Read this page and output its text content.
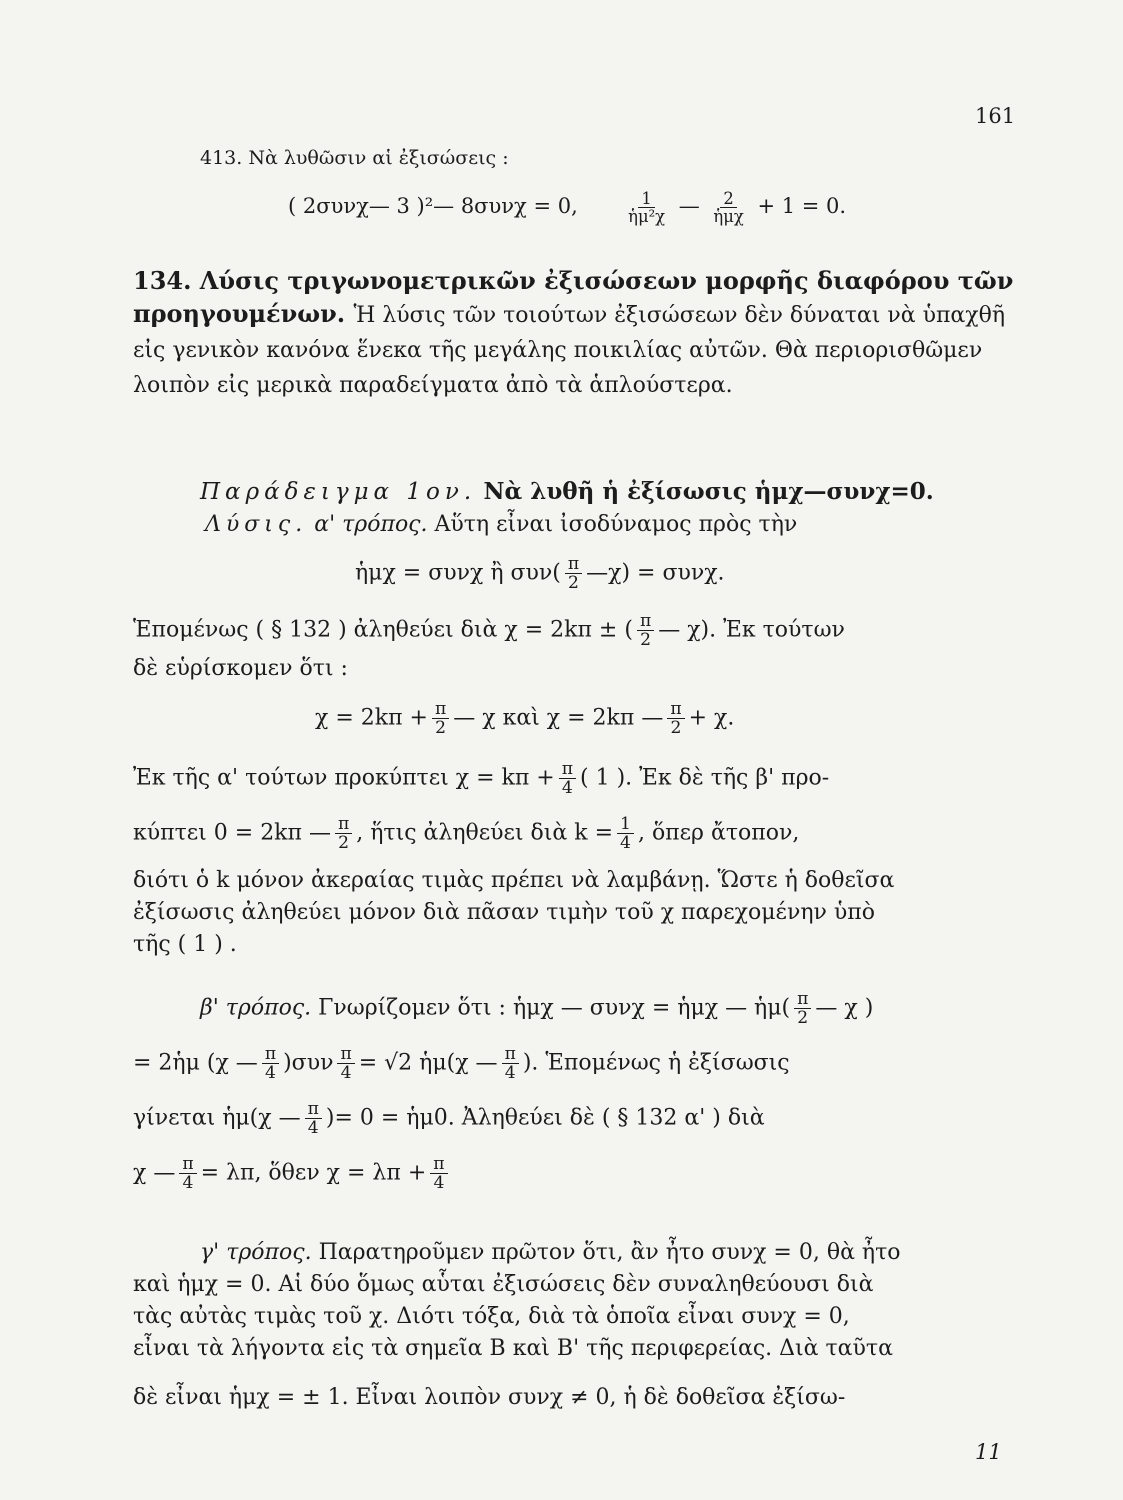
161
413. Νὰ λυθῶσιν αἱ ἐξισώσεις :
( 2συνχ— 3 )²— 8συνχ = 0,	$\frac{1}{\text{ἡμ²χ}}$ — $\frac{2}{\text{ἡμχ}} + 1 = 0$.
134. Λύσις τριγωνομετρικῶν ἐξισώσεων μορφῆς διαφόρου τῶν προηγουμένων. Ἡ λύσις τῶν τοιούτων ἐξισώσεων δὲν δύναται νὰ ὑπαχθῆ εἰς γενικὸν κανόνα ἕνεκα τῆς μεγάλης ποικιλίας αὐτῶν. Θὰ περιορισθῶμεν λοιπὸν εἰς μερικὰ παραδείγματα ἀπὸ τὰ ἁπλούστερα.
Παράδειγμα 1ον. Νὰ λυθῆ ἡ ἐξίσωσις ἡμχ—συνχ=0.
Λύσις. α' τρόπος. Αὕτη εἶναι ἰσοδύναμος πρὸς τὴν
ἡμχ = συνχ ἢ $\sigma\upsilon\nu( \frac{\pi}{2}$ —χ) = συνχ.
Ἑπομένως ( § 132 ) ἀληθεύει διὰ χ = 2kπ ± ( $\frac{\pi}{2}$ — χ). Ἐκ τούτων
δὲ εὑρίσκομεν ὅτι :
$\chi = 2k\pi + \frac{\pi}{2}$ — χ καὶ χ = 2kπ — $\frac{\pi}{2} + \chi$.
Ἐκ τῆς α' τούτων προκύπτει $\chi = k\pi + \frac{\pi}{4}$ ( 1 ). Ἐκ δὲ τῆς β' προ-
κύπτει 0 = 2kπ — $\frac{\pi}{2}$ , ἥτις ἀληθεύει διὰ $k = \frac{1}{4}$ , ὅπερ ἄτοπον,
διότι ὁ k μόνον ἀκεραίας τιμὰς πρέπει νὰ λαμβάνῃ. Ὥστε ἡ δοθεῖσα
ἐξίσωσις ἀληθεύει μόνον διὰ πᾶσαν τιμὴν τοῦ χ παρεχομένην ὑπὸ
τῆς ( 1 ) .
β' τρόπος. Γνωρίζομεν ὅτι : ἡμχ — συνχ = ἡμχ — ἡμ( $\frac{\pi}{2}$ — χ )
= 2ἡμ (χ — $\frac{\pi}{4} )\sigma\upsilon\nu \frac{\pi}{4} = √2$ ἡμ(χ — $\frac{\pi}{4}$ ). Ἑπομένως ἡ ἐξίσωσις
γίνεται ἡμ(χ — $\frac{\pi}{4}$ )= 0 = ἡμ0. Ἀληθεύει δὲ ( § 132 α' ) διὰ
χ — $\frac{\pi}{4} = \lambda\pi$, ὅθεν $\chi = \lambda\pi + \frac{\pi}{4}$
γ' τρόπος. Παρατηροῦμεν πρῶτον ὅτι, ἂν ἦτο συνχ = 0, θὰ ἦτο
καὶ ἡμχ = 0. Αἱ δύο ὅμως αὗται ἐξισώσεις δὲν συναληθεύουσι διὰ
τὰς αὐτὰς τιμὰς τοῦ χ. Διότι τόξα, διὰ τὰ ὁποῖα εἶναι συνχ = 0,
εἶναι τὰ λήγοντα εἰς τὰ σημεῖα Β καὶ Β' τῆς περιφερείας. Διὰ ταῦτα
δὲ εἶναι ἡμχ = ± 1. Εἶναι λοιπὸν συνχ ≠ 0, ἡ δὲ δοθεῖσα ἐξίσω-
11
